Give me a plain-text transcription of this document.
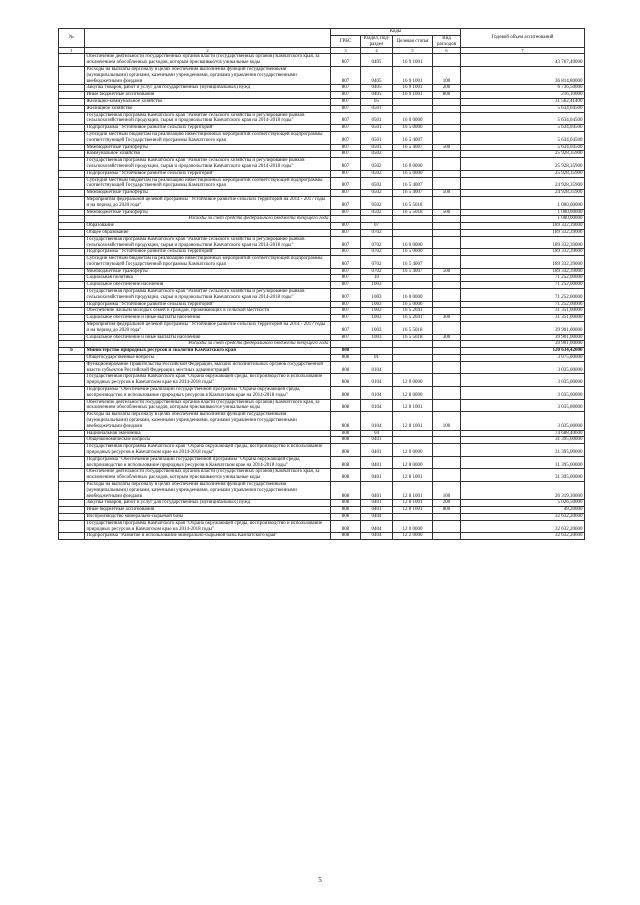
№		Коды				Годовой объем ассигнований
		ГРБС	Раздел, под-раздел	Целевая статья	Вид расходов	
1	2	3	4	5	6	7
	Обеспечение деятельности государственных органов власти (государственных органов) Камчатского края, за исключением обособленных расходов, которым присваиваются уникальные коды	807	0405	16 9 1001		43 767,40000
	Расходы на выплаты персоналу в целях обеспечения выполнения функций государственными (муниципальными) органами, казенными учреждениями, органами управления государственными внебюджетными фондами	807	0405	16 9 1001	100	36 814,80000
	Закупка товаров, работ и услуг для государственных (муниципальных) нужд	807	0405	16 9 1001	200	6 736,50000
	Иные бюджетные ассигнования	807	0405	16 9 1001	800	216,10000
	Жилищно-коммунальное хозяйство	807	05			31 562,41400
	Жилищное хозяйство	807	0501			5 634,04500
	Государственная программа Камчатского края "Развитие сельского хозяйства и регулирование рынков сельскохозяйственной продукции, сырья и продовольствия Камчатского края на 2014-2018 годы"	807	0501	16 0 0000		5 634,04500
	Подпрограмма "Устойчивое развитие сельских территорий"	807	0501	16 5 0000		5 634,04500
	Субсидии местным бюджетам на реализацию инвестиционных мероприятий соответствующей подпрограммы соответствующей Государственной программы Камчатского края	807	0501	16 5 4007		5 634,04500
	Межбюджетные трансферты	807	0501	16 5 4007	500	5 634,04500
	Коммунальное хозяйство	807	0502			25 928,35900
	Государственная программа Камчатского края "Развитие сельского хозяйства и регулирование рынков сельскохозяйственной продукции, сырья и продовольствия Камчатского края на 2014-2018 годы"	807	0502	16 0 0000		25 928,35900
	Подпрограмма "Устойчивое развитие сельских территорий"	807	0502	16 5 0000		25 928,35900
	Субсидии местным бюджетам на реализацию инвестиционных мероприятий соответствующей подпрограммы соответствующей Государственной программы Камчатского края	807	0502	16 5 4007		24 928,35900
	Межбюджетные трансферты	807	0502	16 5 4007	500	24 928,35900
	Мероприятия федеральной целевой программы "Устойчивое развитие сельских территорий на 2014 - 2017 годы и на период до 2020 года"	807	0502	16 5 5018		1 000,00000
	Межбюджетные трансферты	807	0502	16 5 5018	500	1 000,00000
	Расходы за счет средств федерального бюджета текущего года					1 000,00000
	Образование	807	07			189 332,39000
	Общее образование	807	0702			189 332,39000
	Государственная программа Камчатского края "Развитие сельского хозяйства и регулирование рынков сельскохозяйственной продукции, сырья и продовольствия Камчатского края на 2014-2018 годы"	807	0702	16 0 0000		189 332,39000
	Подпрограмма "Устойчивое развитие сельских территорий"	807	0702	16 5 0000		189 332,39000
	Субсидии местным бюджетам на реализацию инвестиционных мероприятий соответствующей подпрограммы соответствующей Государственной программы Камчатского края	807	0702	16 5 4007		189 332,39000
	Межбюджетные трансферты	807	0702	16 5 4007	500	189 332,39000
	Социальная политика	807	10			71 252,00000
	Социальное обеспечение населения	807	1003			71 252,00000
	Государственная программа Камчатского края "Развитие сельского хозяйства и регулирование рынков сельскохозяйственной продукции, сырья и продовольствия Камчатского края на 2014-2018 годы"	807	1003	16 0 0000		71 252,00000
	Подпрограмма "Устойчивое развитие сельских территорий"	807	1003	16 5 0000		71 252,00000
	Обеспечение жильем молодых семей и граждан, проживающих в сельской местности	807	1003	16 5 2041		31 351,00000
	Социальное обеспечение и иные выплаты населению	807	1003	16 5 2041	300	31 351,00000
	Мероприятия федеральной целевой программы "Устойчивое развитие сельских территорий на 2014 - 2017 годы и на период до 2020 года"	807	1003	16 5 5018		39 901,00000
	Социальное обеспечение и иные выплаты населению	807	1003	16 5 5018	300	39 901,00000
	Расходы за счет средств федерального бюджета текущего года					39 901,00000
6	Министерство природных ресурсов и экологии Камчатского края	808				120 634,42000
	Общегосударственные вопросы	808	01			3 075,00000
	Функционирование Правительства Российской Федерации, высших исполнительных органов государственной власти субъектов Российской Федерации, местных администраций	808	0104			3 035,00000
	Государственная программа Камчатского края "Охрана окружающей среды, воспроизводство и использование природных ресурсов в Камчатском крае на 2014-2018 годы"	808	0104	12 0 0000		3 035,00000
	Подпрограмма "Обеспечение реализации государственной программы "Охрана окружающей среды, воспроизводство и использование природных ресурсов в Камчатском крае на 2014-2018 годы"	808	0104	12 8 0000		3 035,00000
	Обеспечение деятельности государственных органов власти (государственных органов) Камчатского края, за исключением обособленных расходов, которым присваиваются уникальные коды	808	0104	12 8 1001		3 035,00000
	Расходы на выплаты персоналу в целях обеспечения выполнения функций государственными (муниципальными) органами, казенными учреждениями, органами управления государственными внебюджетными фондами	808	0104	12 8 1001	100	3 035,00000
	Национальная экономика	808	04			74 688,40600
	Общеэкономические вопросы	808	0401			31 395,00000
	Государственная программа Камчатского края "Охрана окружающей среды, воспроизводство и использование природных ресурсов в Камчатском крае на 2014-2018 годы"	808	0401	12 0 0000		31 395,00000
	Подпрограмма "Обеспечение реализации государственной программы "Охрана окружающей среды, воспроизводство и использование природных ресурсов в Камчатском крае на 2014-2018 годы"	808	0401	12 8 0000		31 395,00000
	Обеспечение деятельности государственных органов власти (государственных органов) Камчатского края, за исключением обособленных расходов, которым присваиваются уникальные коды	808	0401	12 8 1001		31 395,00000
	Расходы на выплаты персоналу в целях обеспечения выполнения функций государственными (муниципальными) органами, казенными учреждениями, органами управления государственными внебюджетными фондами	808	0401	12 8 1001	100	26 319,30000
	Закупка товаров, работ и услуг для государственных (муниципальных) нужд	808	0401	12 8 1001	200	5 026,50000
	Иные бюджетные ассигнования	808	0401	12 8 1001	800	49,20000
	Воспроизводство минерально-сырьевой базы	808	0404			32 632,20600
	Государственная программа Камчатского края "Охрана окружающей среды, воспроизводство и использование природных ресурсов в Камчатском крае на 2014-2018 годы"	808	0404	12 0 0000		32 632,20600
	Подпрограмма "Развитие и использование минерально-сырьевой базы Камчатского края"	808	0404	12 2 0000		32 632,20600
5
